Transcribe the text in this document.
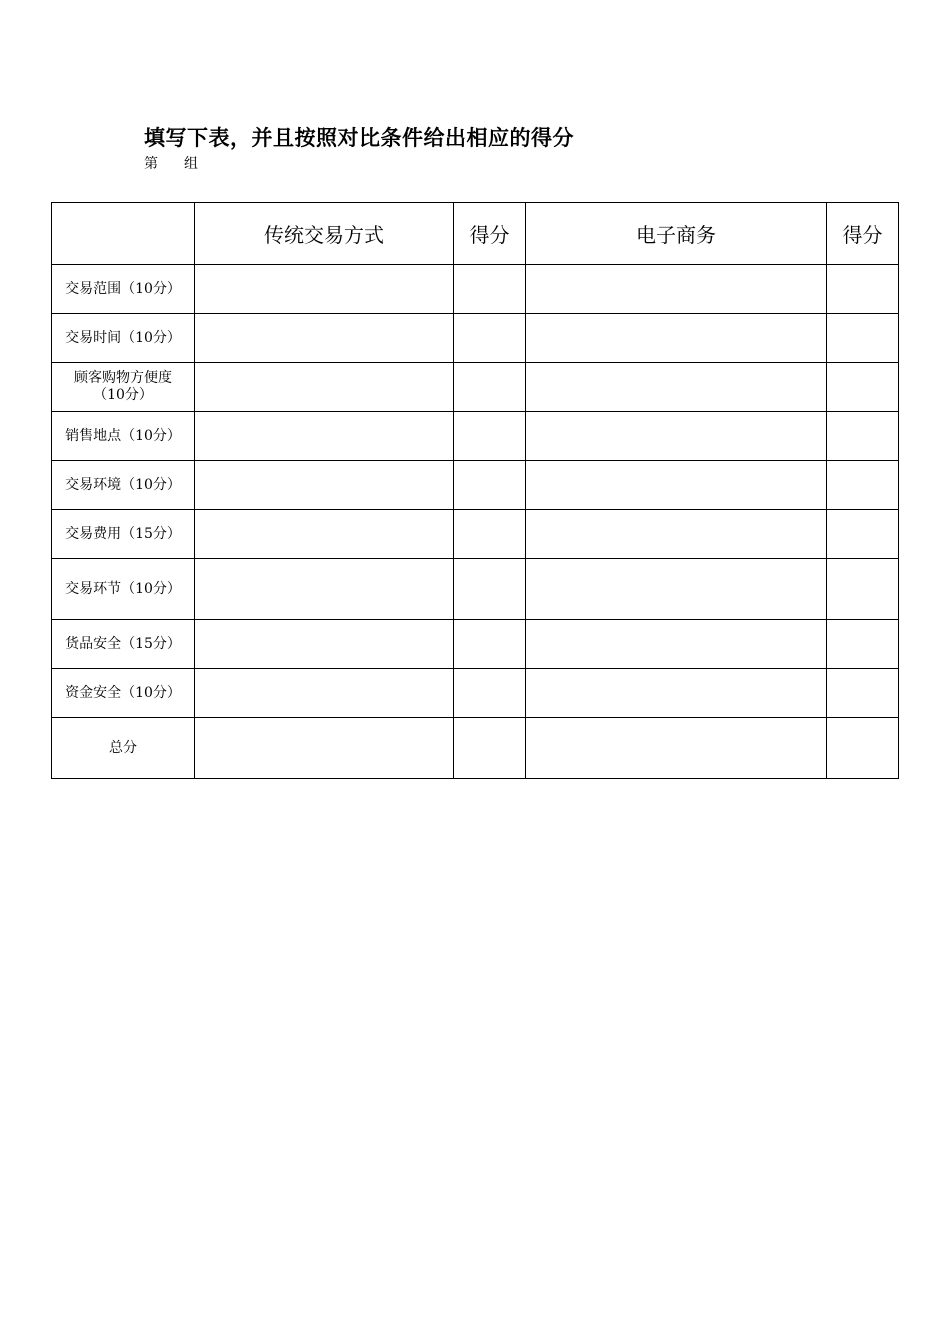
填写下表，并且按照对比条件给出相应的得分
第 组
	传统交易方式	得分	电子商务	得分
交易范围（10分）				
交易时间（10分）				
顾客购物方便度（10分）				
销售地点（10分）				
交易环境（10分）				
交易费用（15分）				
交易环节（10分）				
货品安全（15分）				
资金安全（10分）				
总分				
